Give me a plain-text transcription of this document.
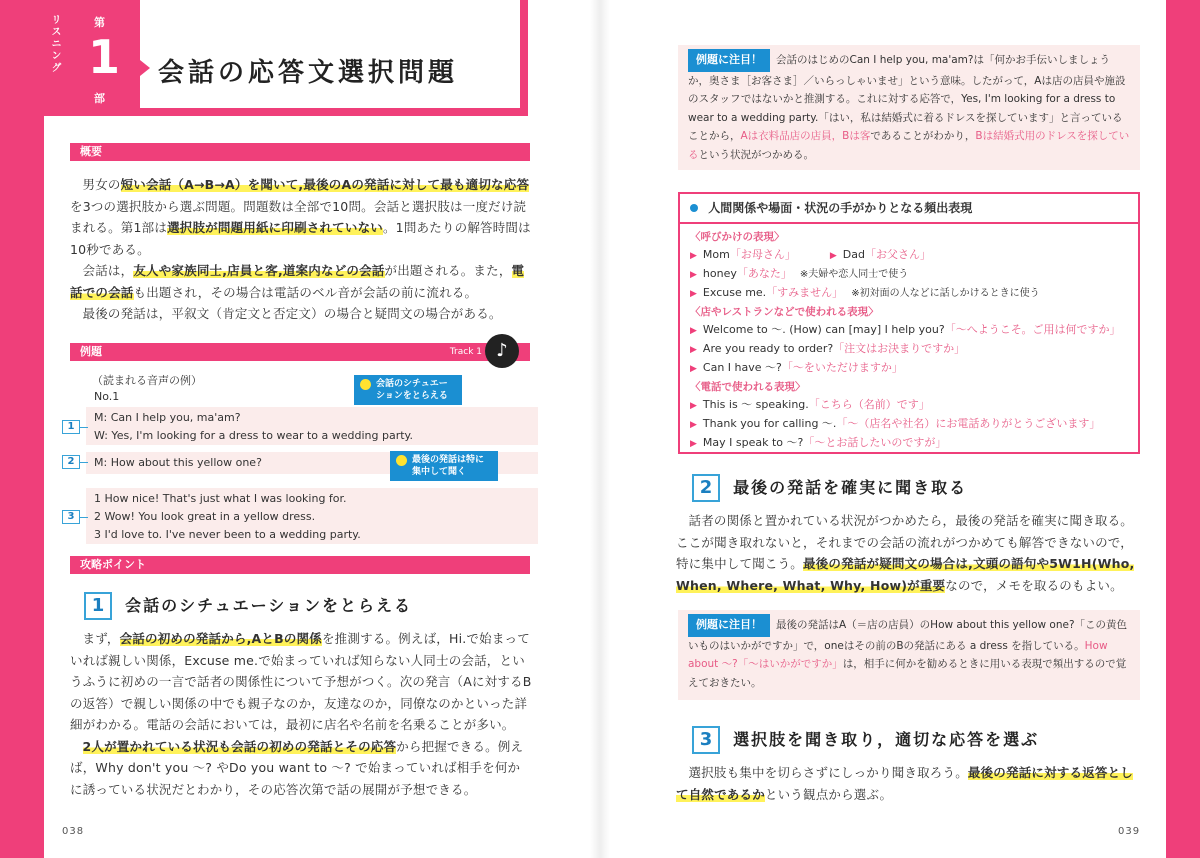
リスニング	第
1
部
会話の応答文選択問題
概要

男女の短い会話（A→B→A）を聞いて,最後のAの発話に対して最も適切な応答を3つの選択肢から選ぶ問題。問題数は全部で10問。会話と選択肢は一度だけ読まれる。第1部は選択肢が問題用紙に印刷されていない。1問あたりの解答時間は10秒である。

会話は，友人や家族同士,店員と客,道案内などの会話が出題される。また，電話での会話も出題され，その場合は電話のベル音が会話の前に流れる。

最後の発話は，平叙文（肯定文と否定文）の場合と疑問文の場合がある。

例題	Track 1 ♪
（読まれる音声の例）
No.1
M: Can I help you, ma'am?
W: Yes, I'm looking for a dress to wear to a wedding party.
1
M: How about this yellow one?
2
1 How nice! That's just what I was looking for.
2 Wow! You look great in a yellow dress.
3 I'd love to. I've never been to a wedding party.
3
会話のシチュエー
ションをとらえる
最後の発話は特に
集中して聞く
攻略ポイント
1 会話のシチュエーションをとらえる

まず，会話の初めの発話から,AとBの関係を推測する。例えば，Hi.で始まっていれば親しい関係，Excuse me.で始まっていれば知らない人同士の会話，というふうに初めの一言で話者の関係性について予想がつく。次の発言（Aに対するBの返答）で親しい関係の中でも親子なのか，友達なのか，同僚なのかといった詳細がわかる。電話の会話においては，最初に店名や名前を名乗ることが多い。

2人が置かれている状況も会話の初めの発話とその応答から把握できる。例えば，Why don't you 〜? やDo you want to 〜? で始まっていれば相手を何かに誘っている状況だとわかり，その応答次第で話の展開が予想できる。

038
例題に注目！ 会話のはじめのCan I help you, ma'am?は「何かお手伝いしましょうか，奥さま［お客さま］／いらっしゃいませ」という意味。したがって，Aは店の店員や施設のスタッフではないかと推測する。これに対する応答で，Yes, I'm looking for a dress to wear to a wedding party.「はい，私は結婚式に着るドレスを探しています」と言っていることから，Aは衣料品店の店員，Bは客であることがわかり，Bは結婚式用のドレスを探しているという状況がつかめる。
人間関係や場面・状況の手がかりとなる頻出表現
〈呼びかけの表現〉
▶ Mom「お母さん」	▶ Dad「お父さん」
▶ honey「あなた」 ※夫婦や恋人同士で使う
▶ Excuse me.「すみません」 ※初対面の人などに話しかけるときに使う
〈店やレストランなどで使われる表現〉
▶ Welcome to 〜. (How) can [may] I help you?「〜へようこそ。ご用は何ですか」
▶ Are you ready to order?「注文はお決まりですか」
▶ Can I have 〜?「〜をいただけますか」
〈電話で使われる表現〉
▶ This is 〜 speaking.「こちら（名前）です」
▶ Thank you for calling 〜.「〜（店名や社名）にお電話ありがとうございます」
▶ May I speak to 〜?「〜とお話したいのですが」
2 最後の発話を確実に聞き取る

話者の関係と置かれている状況がつかめたら，最後の発話を確実に聞き取る。ここが聞き取れないと，それまでの会話の流れがつかめても解答できないので，特に集中して聞こう。最後の発話が疑問文の場合は,文頭の語句や5W1H(Who, When, Where, What, Why, How)が重要なので，メモを取るのもよい。

例題に注目！ 最後の発話はA（＝店の店員）のHow about this yellow one?「この黄色いものはいかがですか」で，oneはその前のBの発話にある a dress を指している。How about 〜?「〜はいかがですか」は，相手に何かを勧めるときに用いる表現で頻出するので覚えておきたい。
3 選択肢を聞き取り，適切な応答を選ぶ

選択肢も集中を切らさずにしっかり聞き取ろう。最後の発話に対する返答として自然であるかという観点から選ぶ。

039
